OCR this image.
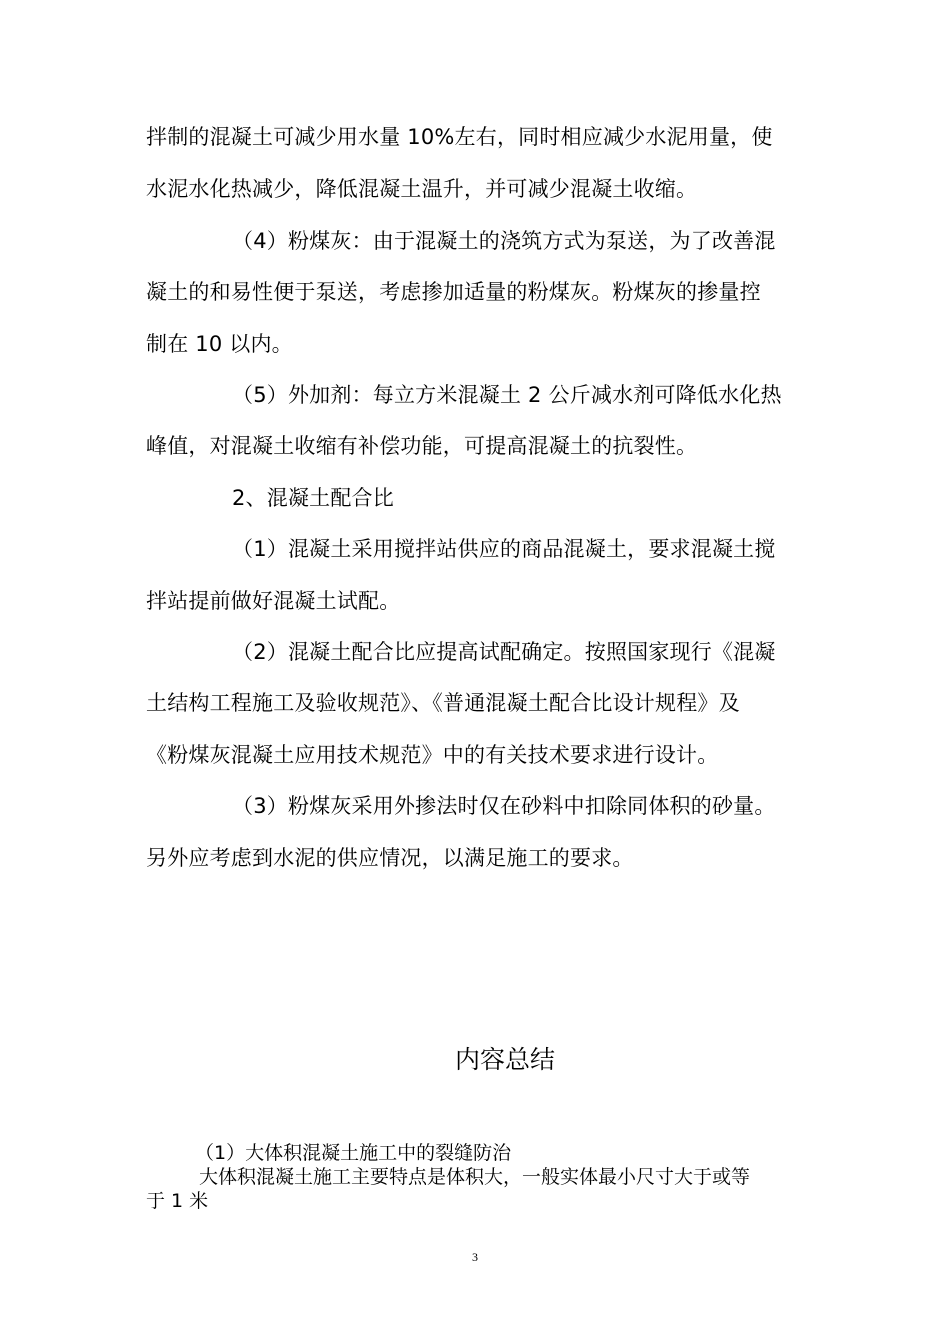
拌制的混凝土可减少用水量 10%左右，同时相应减少水泥用量，使
水泥水化热减少，降低混凝土温升，并可减少混凝土收缩。
（4）粉煤灰：由于混凝土的浇筑方式为泵送，为了改善混
凝土的和易性便于泵送，考虑掺加适量的粉煤灰。粉煤灰的掺量控
制在 10 以内。
（5）外加剂：每立方米混凝土 2 公斤减水剂可降低水化热
峰值，对混凝土收缩有补偿功能，可提高混凝土的抗裂性。
2、混凝土配合比
（1）混凝土采用搅拌站供应的商品混凝土，要求混凝土搅
拌站提前做好混凝土试配。
（2）混凝土配合比应提高试配确定。按照国家现行《混凝
土结构工程施工及验收规范》、《普通混凝土配合比设计规程》及
《粉煤灰混凝土应用技术规范》中的有关技术要求进行设计。
（3）粉煤灰采用外掺法时仅在砂料中扣除同体积的砂量。
另外应考虑到水泥的供应情况，以满足施工的要求。
内容总结
（1）大体积混凝土施工中的裂缝防治
大体积混凝土施工主要特点是体积大，一般实体最小尺寸大于或等
于 1 米
3
